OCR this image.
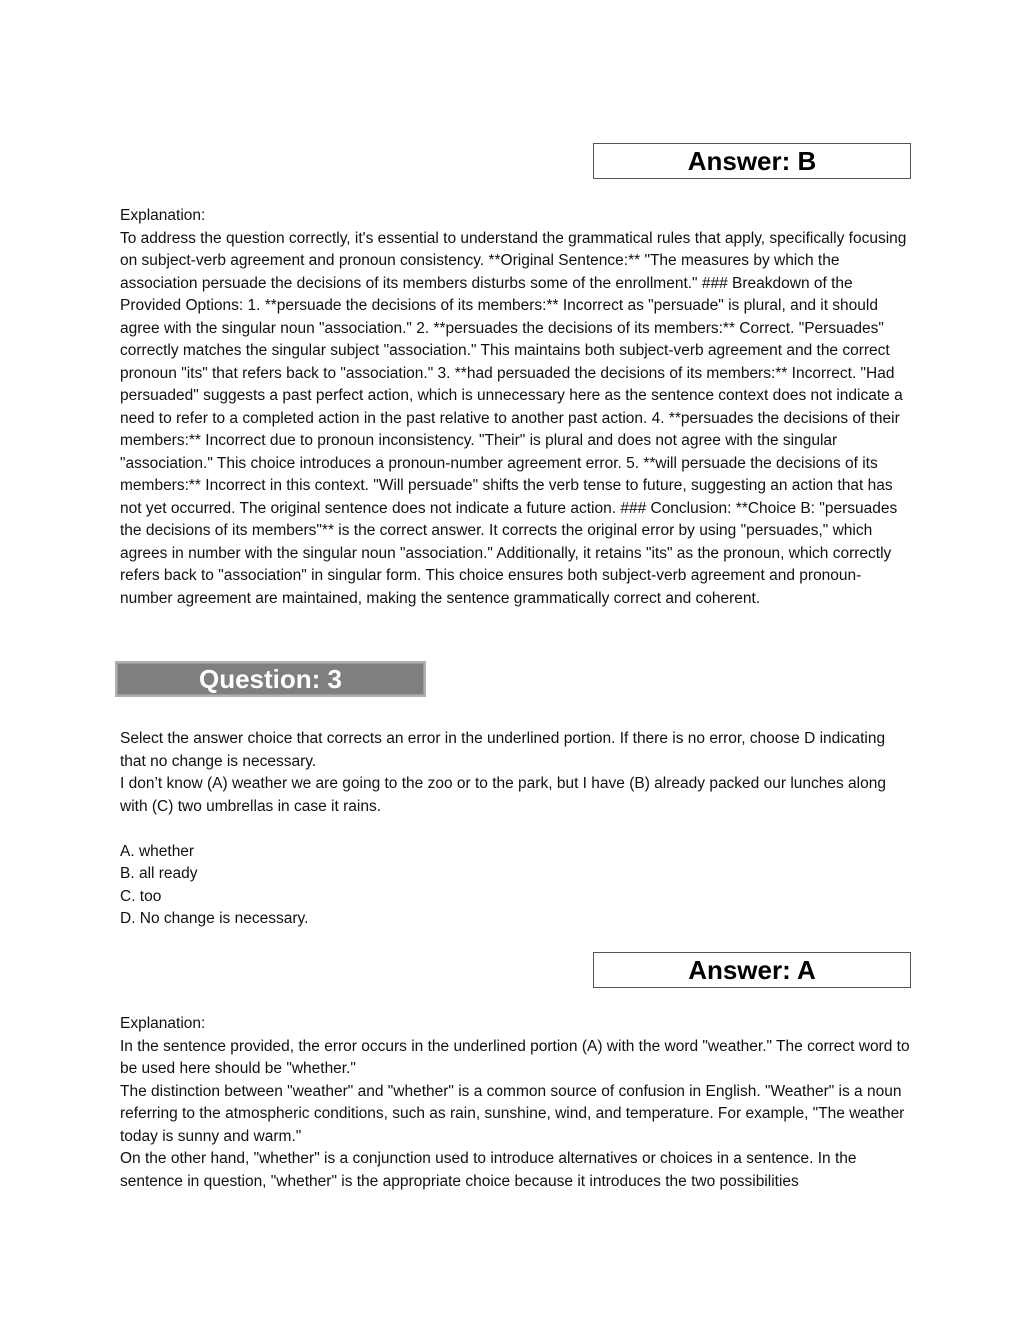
Answer: B

Explanation:

To address the question correctly, it's essential to understand the grammatical rules that apply, specifically focusing on subject-verb agreement and pronoun consistency. **Original Sentence:** "The measures by which the association persuade the decisions of its members disturbs some of the enrollment." ### Breakdown of the Provided Options: 1. **persuade the decisions of its members:** Incorrect as "persuade" is plural, and it should agree with the singular noun "association." 2. **persuades the decisions of its members:** Correct. "Persuades" correctly matches the singular subject "association." This maintains both subject-verb agreement and the correct pronoun "its" that refers back to "association." 3. **had persuaded the decisions of its members:** Incorrect. "Had persuaded" suggests a past perfect action, which is unnecessary here as the sentence context does not indicate a need to refer to a completed action in the past relative to another past action. 4. **persuades the decisions of their members:** Incorrect due to pronoun inconsistency. "Their" is plural and does not agree with the singular "association." This choice introduces a pronoun-number agreement error. 5. **will persuade the decisions of its members:** Incorrect in this context. "Will persuade" shifts the verb tense to future, suggesting an action that has not yet occurred. The original sentence does not indicate a future action. ### Conclusion: **Choice B: "persuades the decisions of its members"** is the correct answer. It corrects the original error by using "persuades," which agrees in number with the singular noun "association." Additionally, it retains "its" as the pronoun, which correctly refers back to "association" in singular form. This choice ensures both subject-verb agreement and pronoun-number agreement are maintained, making the sentence grammatically correct and coherent.

Question: 3

Select the answer choice that corrects an error in the underlined portion. If there is no error, choose D indicating that no change is necessary.

I don’t know (A) weather we are going to the zoo or to the park, but I have (B) already packed our lunches along with (C) two umbrellas in case it rains.

A. whether

B. all ready

C. too

D. No change is necessary.

Answer: A

Explanation:

In the sentence provided, the error occurs in the underlined portion (A) with the word "weather." The correct word to be used here should be "whether."

The distinction between "weather" and "whether" is a common source of confusion in English. "Weather" is a noun referring to the atmospheric conditions, such as rain, sunshine, wind, and temperature. For example, "The weather today is sunny and warm."

On the other hand, "whether" is a conjunction used to introduce alternatives or choices in a sentence. In the sentence in question, "whether" is the appropriate choice because it introduces the two possibilities
